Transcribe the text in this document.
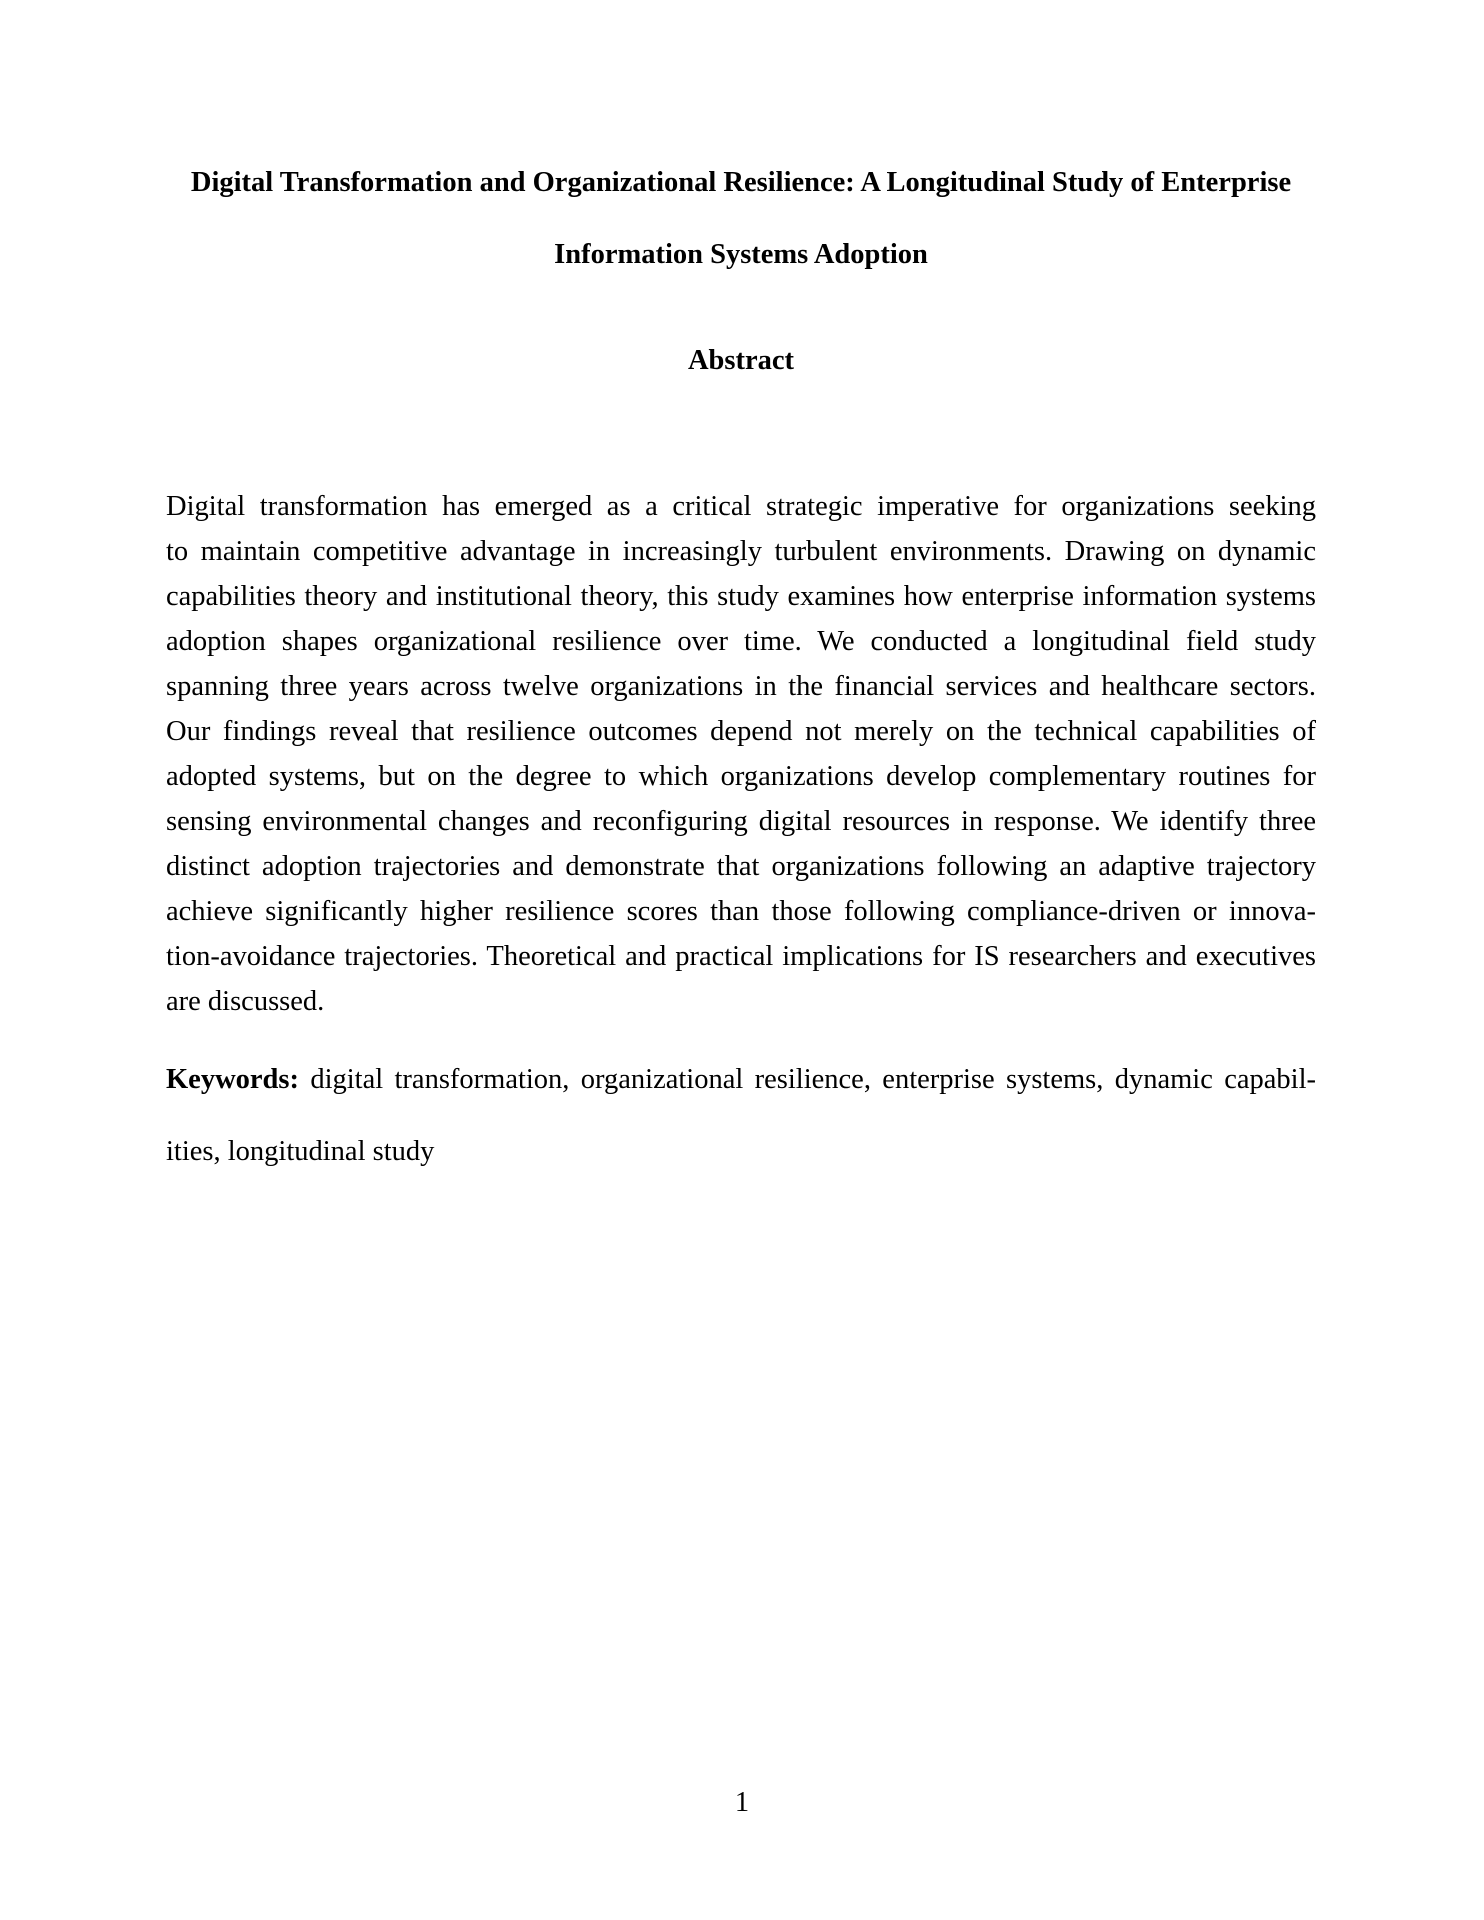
Digital Transformation and Organizational Resilience: A Longitudinal Study of Enterprise
Information Systems Adoption
Abstract
Digital transformation has emerged as a critical strategic imperative for organizations seeking
to maintain competitive advantage in increasingly turbulent environments. Drawing on dynamic
capabilities theory and institutional theory, this study examines how enterprise information systems
adoption shapes organizational resilience over time. We conducted a longitudinal field study
spanning three years across twelve organizations in the financial services and healthcare sectors.
Our findings reveal that resilience outcomes depend not merely on the technical capabilities of
adopted systems, but on the degree to which organizations develop complementary routines for
sensing environmental changes and reconfiguring digital resources in response. We identify three
distinct adoption trajectories and demonstrate that organizations following an adaptive trajectory
achieve significantly higher resilience scores than those following compliance-driven or innova-
tion-avoidance trajectories. Theoretical and practical implications for IS researchers and executives
are discussed.
Keywords: digital transformation, organizational resilience, enterprise systems, dynamic capabil-
ities, longitudinal study
1
